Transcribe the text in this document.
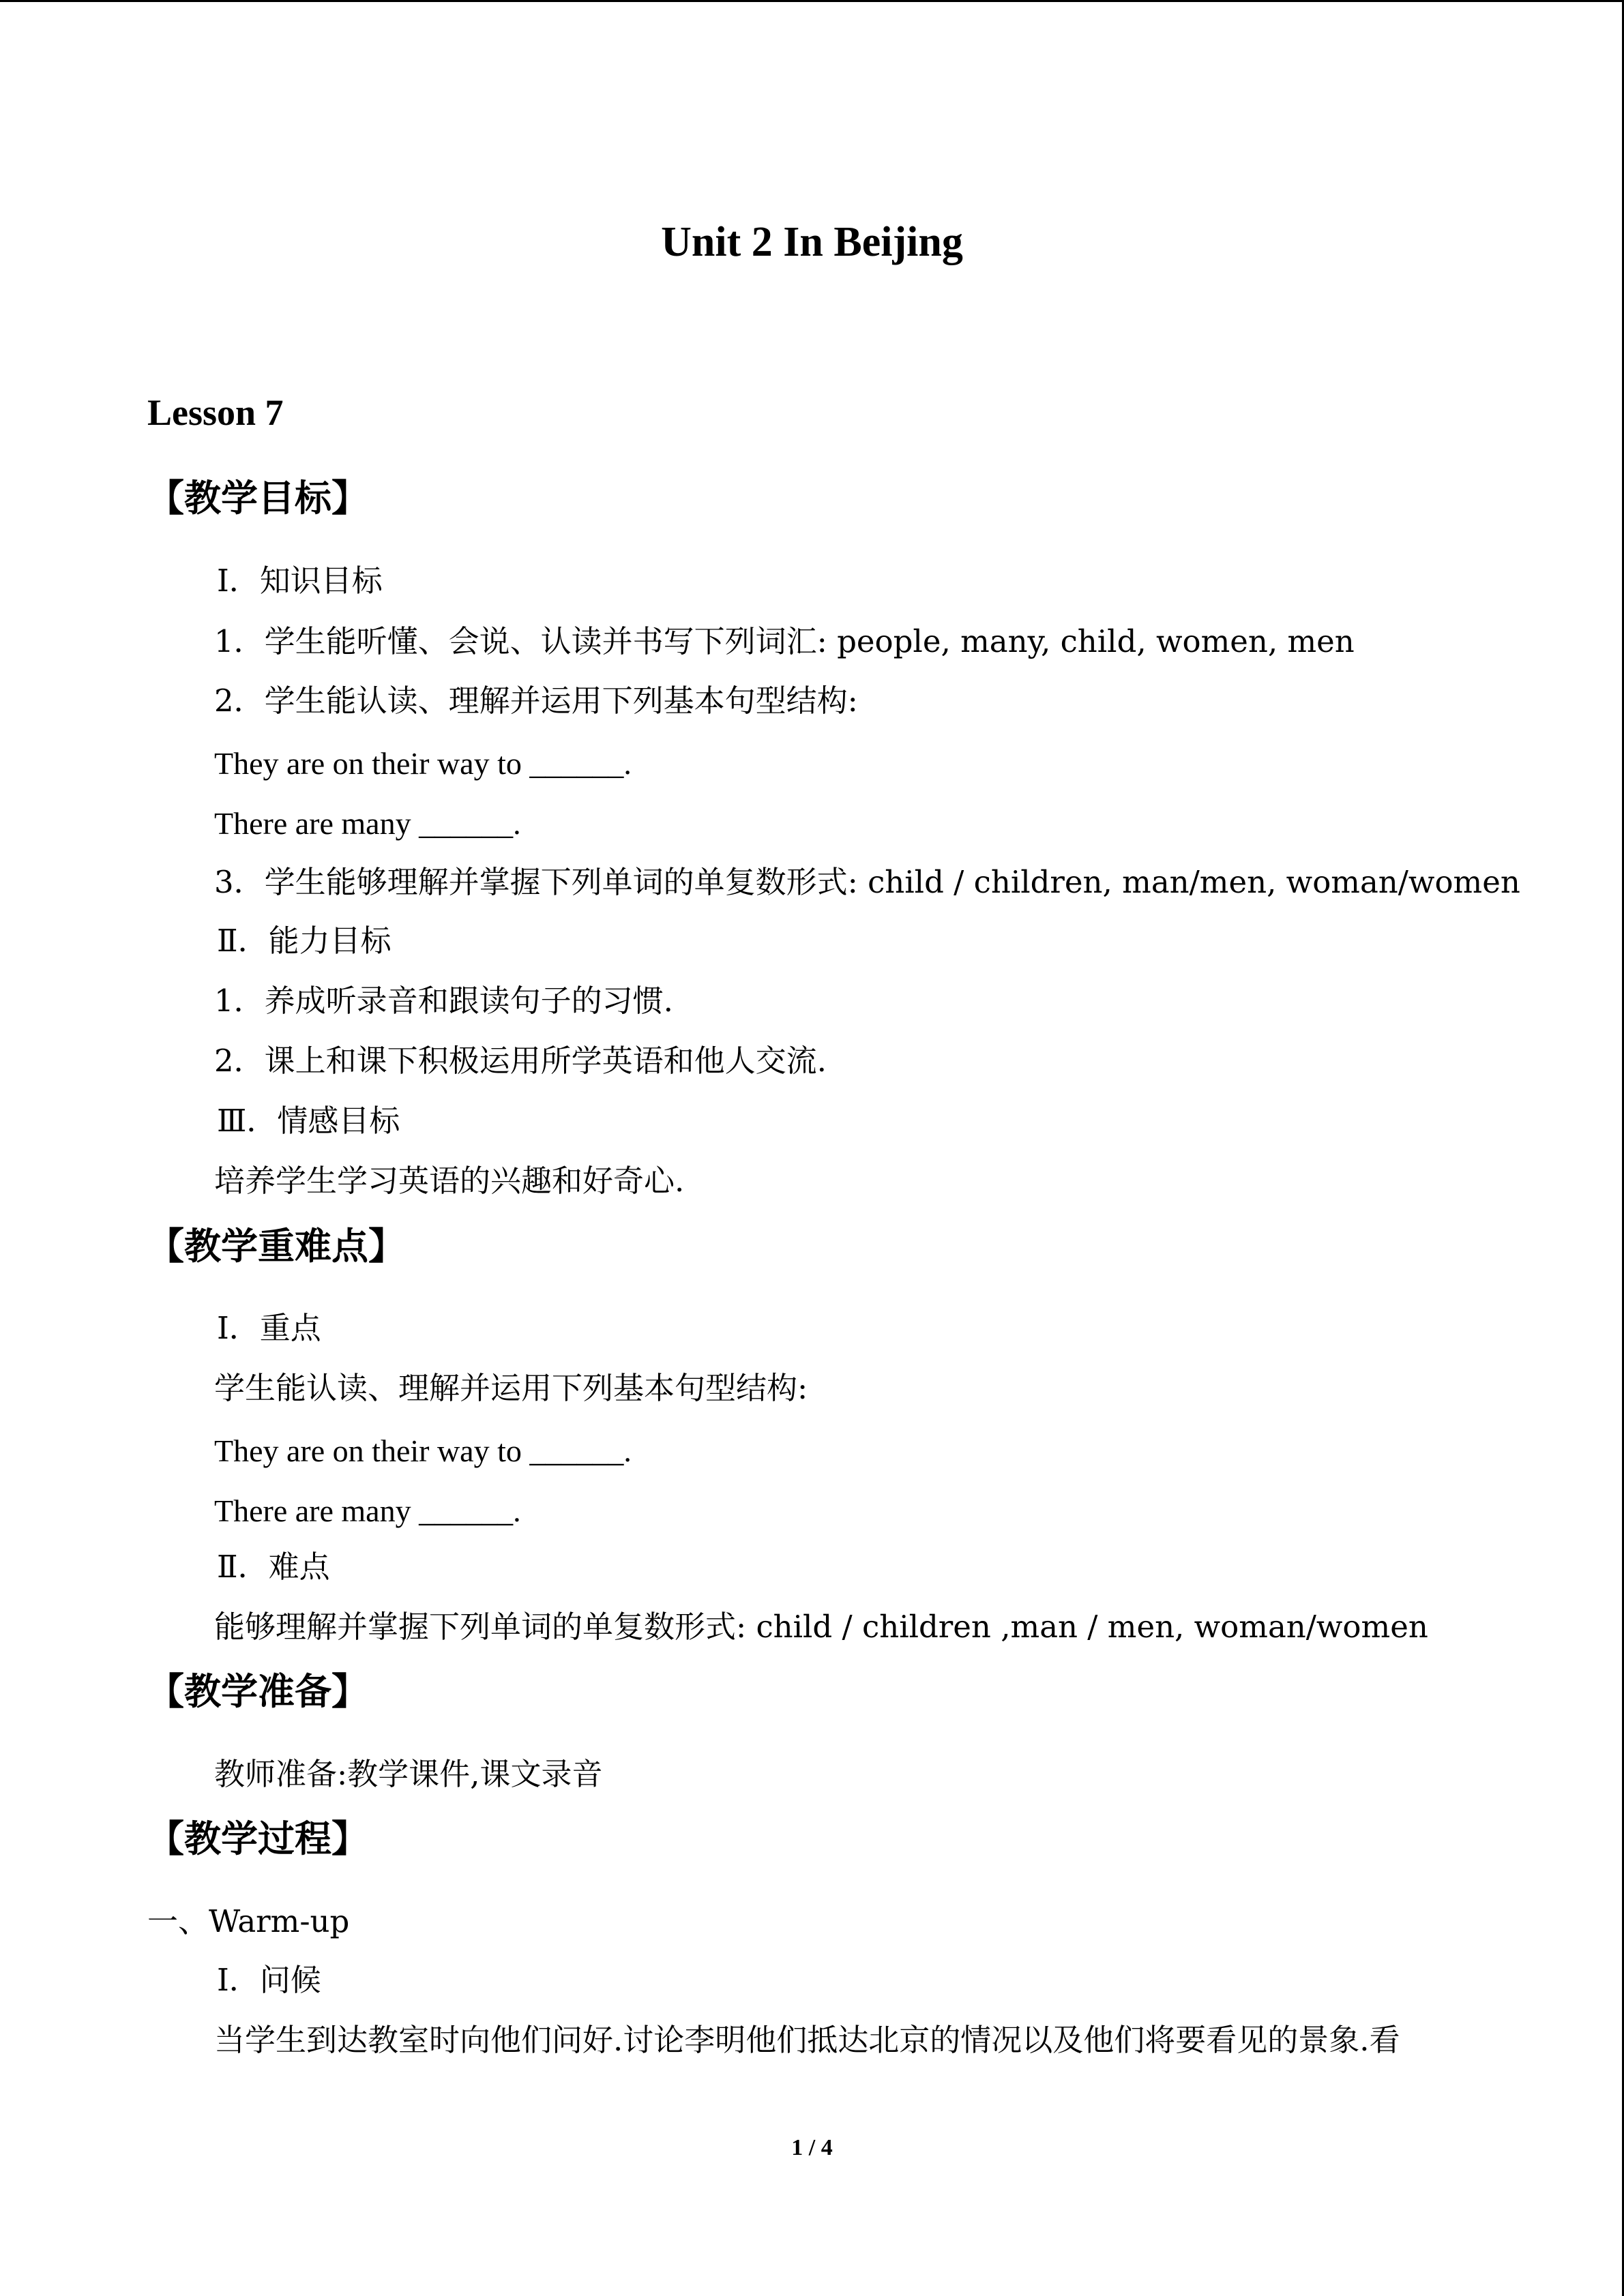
Unit 2 In Beijing
Lesson 7
【教学目标】

Ⅰ．知识目标

1．学生能听懂、会说、认读并书写下列词汇: people, many, child, women, men

2．学生能认读、理解并运用下列基本句型结构:

They are on their way to ______.

There are many ______.

3．学生能够理解并掌握下列单词的单复数形式: child / children, man/men, woman/women

Ⅱ．能力目标

1．养成听录音和跟读句子的习惯.

2．课上和课下积极运用所学英语和他人交流.

Ⅲ．情感目标

培养学生学习英语的兴趣和好奇心.

【教学重难点】

Ⅰ．重点

学生能认读、理解并运用下列基本句型结构:

They are on their way to ______.

There are many ______.

Ⅱ．难点

能够理解并掌握下列单词的单复数形式: child / children ,man / men, woman/women

【教学准备】

教师准备:教学课件,课文录音

【教学过程】

一、Warm-up

Ⅰ．问候

当学生到达教室时向他们问好.讨论李明他们抵达北京的情况以及他们将要看见的景象.看

1 / 4
